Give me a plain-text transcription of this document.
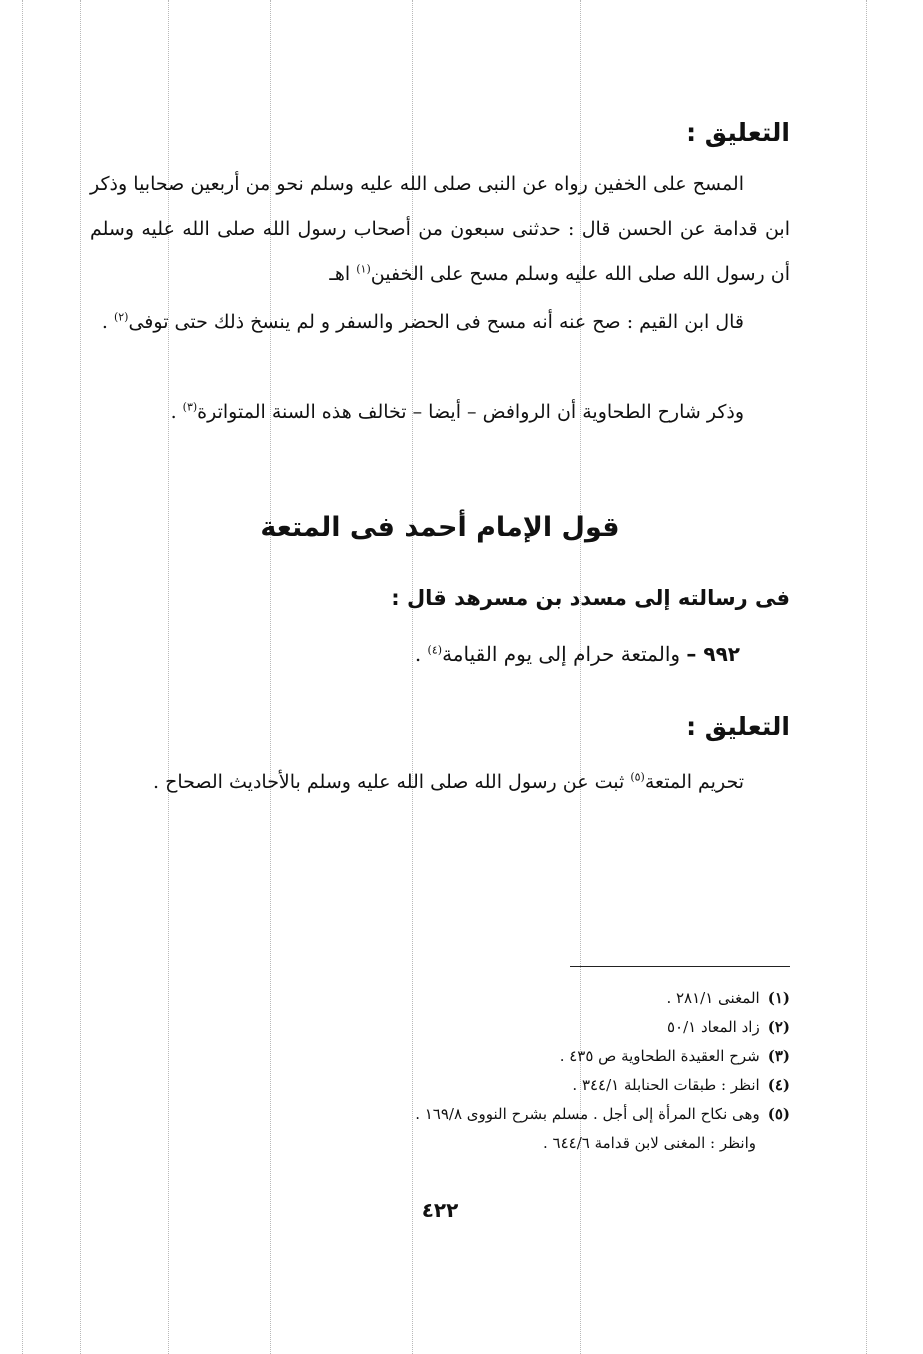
التعليق :

المسح على الخفين رواه عن النبى صلى الله عليه وسلم نحو من أربعين صحابيا وذكر ابن قدامة عن الحسن قال : حدثنى سبعون من أصحاب رسول الله صلى الله عليه وسلم أن رسول الله صلى الله عليه وسلم مسح على الخفين$^{(١)}$ اهـ

قال ابن القيم : صح عنه أنه مسح فى الحضر والسفر و لم ينسخ ذلك حتى توفى$^{(٢)}$ .

وذكر شارح الطحاوية أن الروافض – أيضا – تخالف هذه السنة المتواترة$^{(٣)}$ .

قول الإمام أحمد فى المتعة
فى رسالته إلى مسدد بن مسرهد قال :

٩٩٢ – والمتعة حرام إلى يوم القيامة$^{(٤)}$ .

التعليق :

تحريم المتعة$^{(٥)}$ ثبت عن رسول الله صلى الله عليه وسلم بالأحاديث الصحاح .

(١)المغنى ٢٨١/١ .
(٢)زاد المعاد ٥٠/١
(٣)شرح العقيدة الطحاوية ص ٤٣٥ .
(٤)انظر : طبقات الحنابلة ٣٤٤/١ .
(٥)وهى نكاح المرأة إلى أجل . مسلم بشرح النووى ١٦٩/٨ .
وانظر : المغنى لابن قدامة ٦٤٤/٦ .

٤٢٢
